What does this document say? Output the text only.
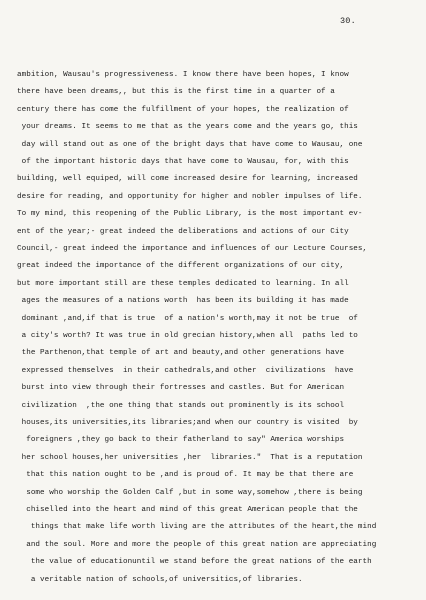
30.
ambition, Wausau's progressiveness. I know there have been hopes, I know
there have been dreams,, but this is the first time in a quarter of a
century there has come the fulfillment of your hopes, the realization of
your dreams. It seems to me that as the years come and the years go, this
day will stand out as one of the bright days that have come to Wausau, one
of the important historic days that have come to Wausau, for, with this
building, well equiped, will come increased desire for learning, increased
desire for reading, and opportunity for higher and nobler impulses of life.
To my mind, this reopening of the Public Library, is the most important ev-
ent of the year;- great indeed the deliberations and actions of our City
Council,- great indeed the importance and influences of our Lecture Courses,
great indeed the importance of the different organizations of our city,
but more important still are these temples dedicated to learning. In all
ages the measures of a nations worth  has been its building it has made
dominant ,and,if that is true  of a nation's worth,may it not be true  of
a city's worth? It was true in old grecian history,when all  paths led to
the Parthenon,that temple of art and beauty,and other generations have
expressed themselves  in their cathedrals,and other  civilizations  have
burst into view through their fortresses and castles. But for American
civilization  ,the one thing that stands out prominently is its school
houses,its universities,its libraries;and when our country is visited  by
foreigners ,they go back to their fatherland to say" America worships
her school houses,her universities ,her  libraries."  That is a reputation
that this nation ought to be ,and is proud of. It may be that there are
some who worship the Golden Calf ,but in some way,somehow ,there is being
chiselled into the heart and mind of this great American people that the
things that make life worth living are the attributes of the heart,the mind
and the soul. More and more the people of this great nation are appreciating
the value of educationuntil we stand before the great nations of the earth
a veritable nation of schools,of universitics,of libraries.
